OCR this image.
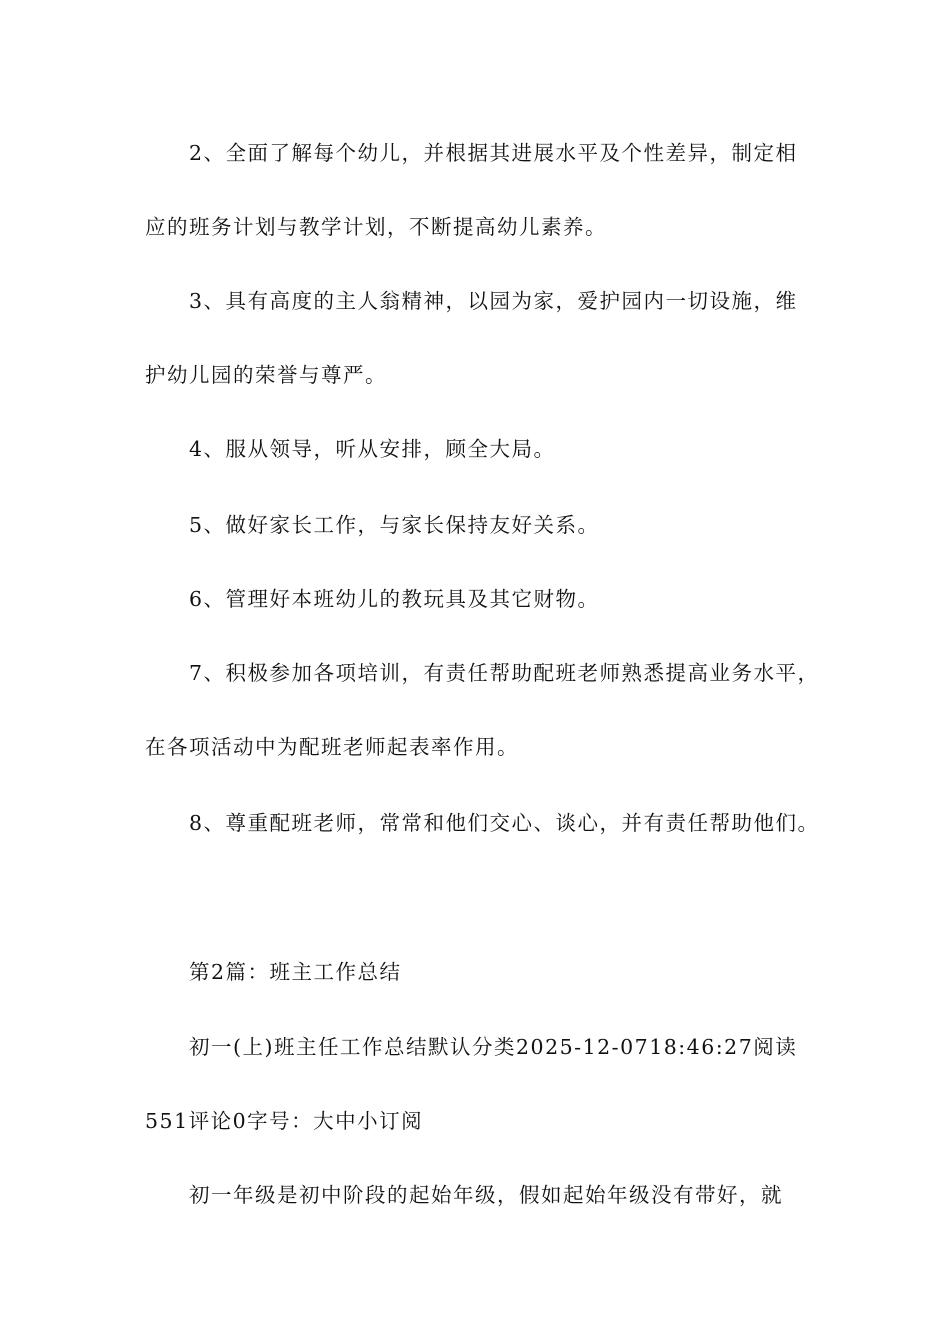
2、全面了解每个幼儿，并根据其进展水平及个性差异，制定相
应的班务计划与教学计划，不断提高幼儿素养。
3、具有高度的主人翁精神，以园为家，爱护园内一切设施，维
护幼儿园的荣誉与尊严。
4、服从领导，听从安排，顾全大局。
5、做好家长工作，与家长保持友好关系。
6、管理好本班幼儿的教玩具及其它财物。
7、积极参加各项培训，有责任帮助配班老师熟悉提高业务水平，
在各项活动中为配班老师起表率作用。
8、尊重配班老师，常常和他们交心、谈心，并有责任帮助他们。
第2篇：班主工作总结
初一(上)班主任工作总结默认分类2025-12-0718:46:27阅读
551评论0字号：大中小订阅
初一年级是初中阶段的起始年级，假如起始年级没有带好，就
